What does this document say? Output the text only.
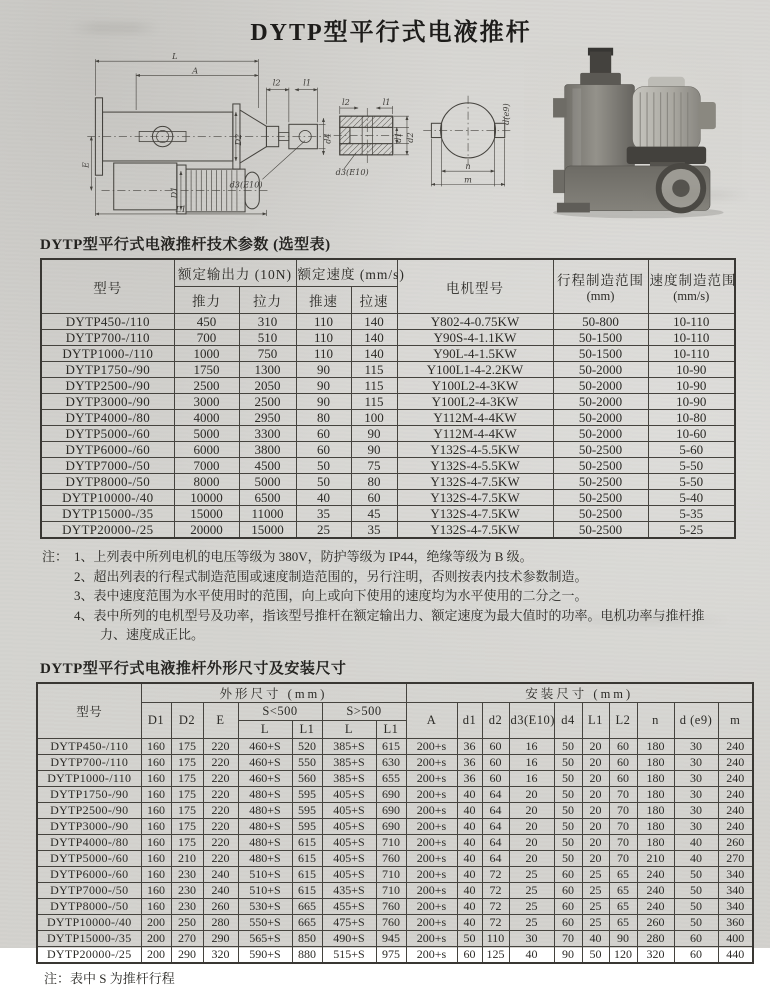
DYTP型平行式电液推杆
L
A
l2	l1
D2	d4
d3(E10)
E
D1
L1
l2	l1
d1 d2
d3(E10)
n
m
d(e9)
DYTP型平行式电液推杆技术参数 (选型表)
型号	额定输出力 (10N)	额定速度 (mm/s)	电机型号	行程制造范围
(mm)

速度制造范围
(mm/s)

	推力	拉力	推速	拉速			
DYTP450-/110	450	310	110	140	Y802-4-0.75KW	50-800	10-110
DYTP700-/110	700	510	110	140	Y90S-4-1.1KW	50-1500	10-110
DYTP1000-/110	1000	750	110	140	Y90L-4-1.5KW	50-1500	10-110
DYTP1750-/90	1750	1300	90	115	Y100L1-4-2.2KW	50-2000	10-90
DYTP2500-/90	2500	2050	90	115	Y100L2-4-3KW	50-2000	10-90
DYTP3000-/90	3000	2500	90	115	Y100L2-4-3KW	50-2000	10-90
DYTP4000-/80	4000	2950	80	100	Y112M-4-4KW	50-2000	10-80
DYTP5000-/60	5000	3300	60	90	Y112M-4-4KW	50-2000	10-60
DYTP6000-/60	6000	3800	60	90	Y132S-4-5.5KW	50-2500	5-60
DYTP7000-/50	7000	4500	50	75	Y132S-4-5.5KW	50-2500	5-50
DYTP8000-/50	8000	5000	50	80	Y132S-4-7.5KW	50-2500	5-50
DYTP10000-/40	10000	6500	40	60	Y132S-4-7.5KW	50-2500	5-40
DYTP15000-/35	15000	11000	35	45	Y132S-4-7.5KW	50-2500	5-35
DYTP20000-/25	20000	15000	25	35	Y132S-4-7.5KW	50-2500	5-25
注： 1、上列表中所列电机的电压等级为 380V，防护等级为 IP44，绝缘等级为 B 级。
2、超出列表的行程式制造范围或速度制造范围的，另行注明，否则按表内技术参数制造。
3、表中速度范围为水平使用时的范围，向上或向下使用的速度均为水平使用的二分之一。
4、表中所列的电机型号及功率，指该型号推杆在额定输出力、额定速度为最大值时的功率。电机功率与推杆推力、速度成正比。
DYTP型平行式电液推杆外形尺寸及安装尺寸
型号	外形尺寸 (mm)							安装尺寸 (mm)									
	D1	D2	E	S<500		S>500		A	d1	d2	d3(E10)	d4	L1	L2	n	d (e9)	m
				L	L1	L	L1										
DYTP450-/110	160	175	220	460+S	520	385+S	615	200+s	36	60	16	50	20	60	180	30	240
DYTP700-/110	160	175	220	460+S	550	385+S	630	200+s	36	60	16	50	20	60	180	30	240
DYTP1000-/110	160	175	220	460+S	560	385+S	655	200+s	36	60	16	50	20	60	180	30	240
DYTP1750-/90	160	175	220	480+S	595	405+S	690	200+s	40	64	20	50	20	70	180	30	240
DYTP2500-/90	160	175	220	480+S	595	405+S	690	200+s	40	64	20	50	20	70	180	30	240
DYTP3000-/90	160	175	220	480+S	595	405+S	690	200+s	40	64	20	50	20	70	180	30	240
DYTP4000-/80	160	175	220	480+S	615	405+S	710	200+s	40	64	20	50	20	70	180	40	260
DYTP5000-/60	160	210	220	480+S	615	405+S	760	200+s	40	64	20	50	20	70	210	40	270
DYTP6000-/60	160	230	240	510+S	615	405+S	710	200+s	40	72	25	60	25	65	240	50	340
DYTP7000-/50	160	230	240	510+S	615	435+S	710	200+s	40	72	25	60	25	65	240	50	340
DYTP8000-/50	160	230	260	530+S	665	455+S	760	200+s	40	72	25	60	25	65	240	50	340
DYTP10000-/40	200	250	280	550+S	665	475+S	760	200+s	40	72	25	60	25	65	260	50	360
DYTP15000-/35	200	270	290	565+S	850	490+S	945	200+s	50	110	30	70	40	90	280	60	400
DYTP20000-/25	200	290	320	590+S	880	515+S	975	200+s	60	125	40	90	50	120	320	60	440
注：表中 S 为推杆行程
